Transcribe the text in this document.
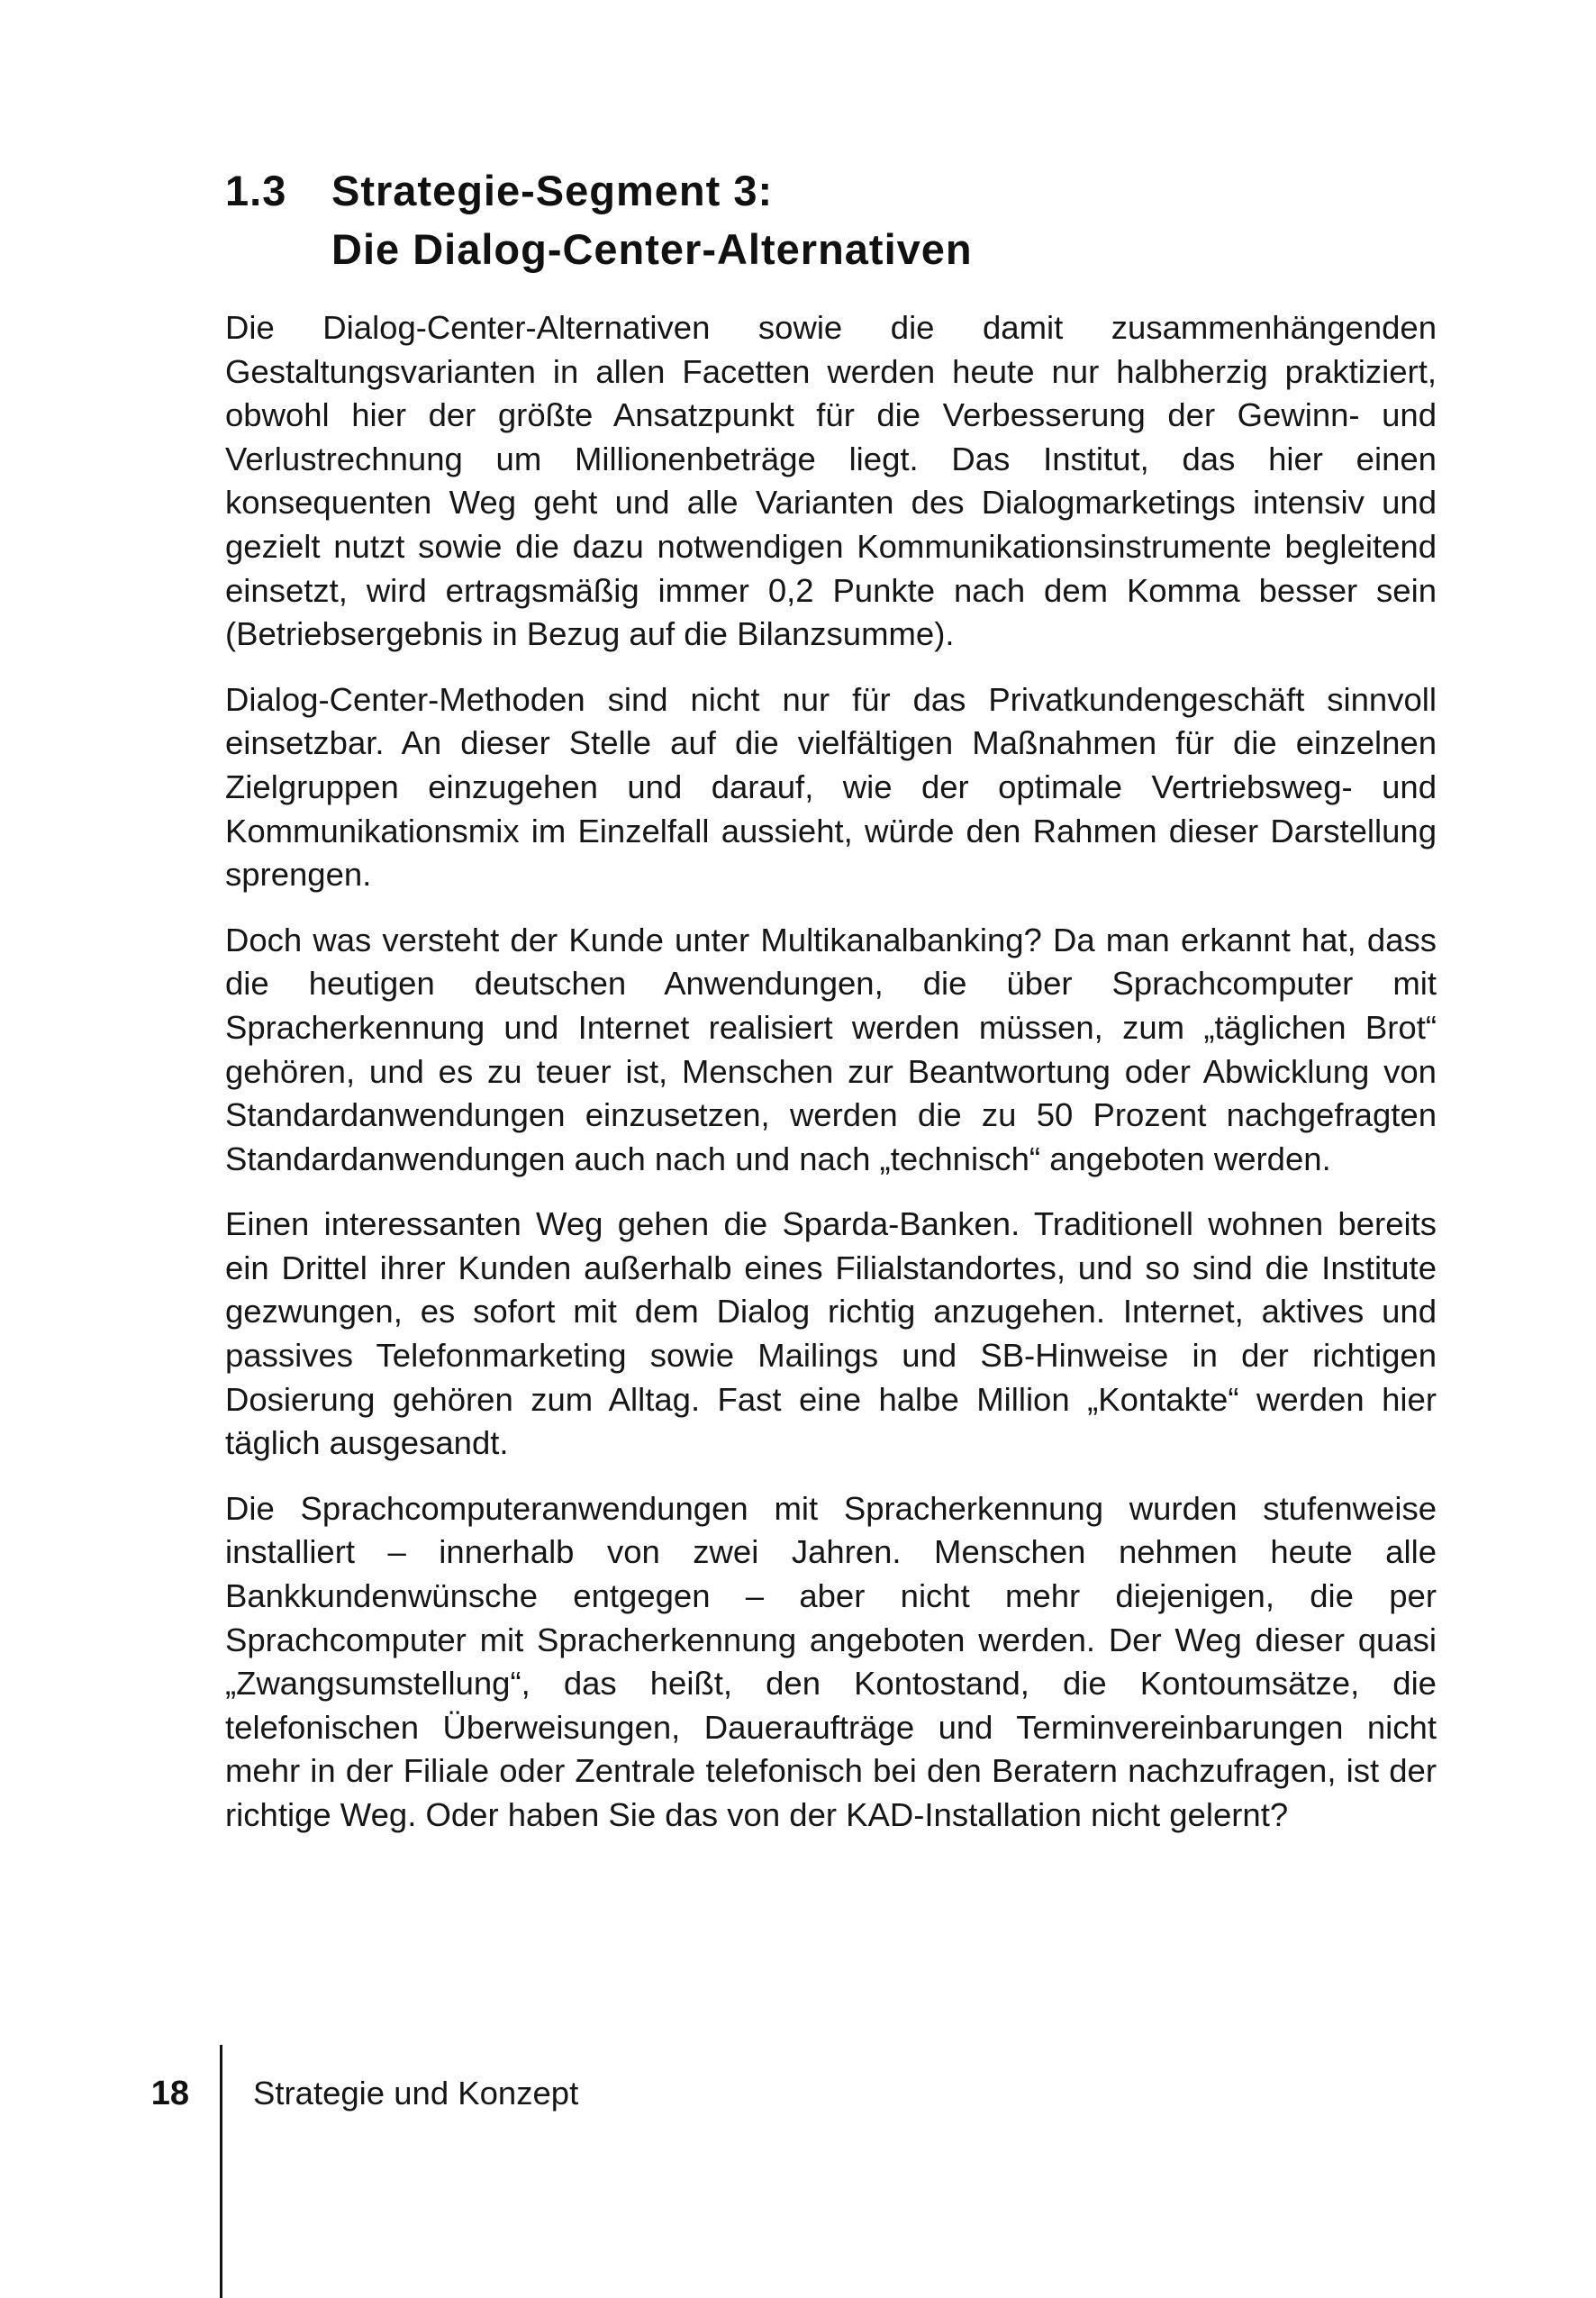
1.3 Strategie-Segment 3:
Die Dialog-Center-Alternativen

Die Dialog-Center-Alternativen sowie die damit zusammenhängenden Gestaltungsvarianten in allen Facetten werden heute nur halbherzig praktiziert, obwohl hier der größte Ansatzpunkt für die Verbesserung der Gewinn- und Verlustrechnung um Millionenbeträge liegt. Das Institut, das hier einen konsequenten Weg geht und alle Varianten des Dialogmarketings intensiv und gezielt nutzt sowie die dazu notwendigen Kommunikationsinstrumente begleitend einsetzt, wird ertragsmäßig immer 0,2 Punkte nach dem Komma besser sein (Betriebsergebnis in Bezug auf die Bilanzsumme).

Dialog-Center-Methoden sind nicht nur für das Privatkundengeschäft sinnvoll einsetzbar. An dieser Stelle auf die vielfältigen Maßnahmen für die einzelnen Zielgruppen einzugehen und darauf, wie der optimale Vertriebsweg- und Kommunikationsmix im Einzelfall aussieht, würde den Rahmen dieser Darstellung sprengen.

Doch was versteht der Kunde unter Multikanalbanking? Da man erkannt hat, dass die heutigen deutschen Anwendungen, die über Sprachcomputer mit Spracherkennung und Internet realisiert werden müssen, zum „täglichen Brot“ gehören, und es zu teuer ist, Menschen zur Beantwortung oder Abwicklung von Standardanwendungen einzusetzen, werden die zu 50 Prozent nachgefragten Standardanwendungen auch nach und nach „technisch“ angeboten werden.

Einen interessanten Weg gehen die Sparda-Banken. Traditionell wohnen bereits ein Drittel ihrer Kunden außerhalb eines Filialstandortes, und so sind die Institute gezwungen, es sofort mit dem Dialog richtig anzugehen. Internet, aktives und passives Telefonmarketing sowie Mailings und SB-Hinweise in der richtigen Dosierung gehören zum Alltag. Fast eine halbe Million „Kontakte“ werden hier täglich ausgesandt.

Die Sprachcomputeranwendungen mit Spracherkennung wurden stufenweise installiert – innerhalb von zwei Jahren. Menschen nehmen heute alle Bankkundenwünsche entgegen – aber nicht mehr diejenigen, die per Sprachcomputer mit Spracherkennung angeboten werden. Der Weg dieser quasi „Zwangsumstellung“, das heißt, den Kontostand, die Kontoumsätze, die telefonischen Überweisungen, Daueraufträge und Terminvereinbarungen nicht mehr in der Filiale oder Zentrale telefonisch bei den Beratern nachzufragen, ist der richtige Weg. Oder haben Sie das von der KAD-Installation nicht gelernt?

18 Strategie und Konzept
